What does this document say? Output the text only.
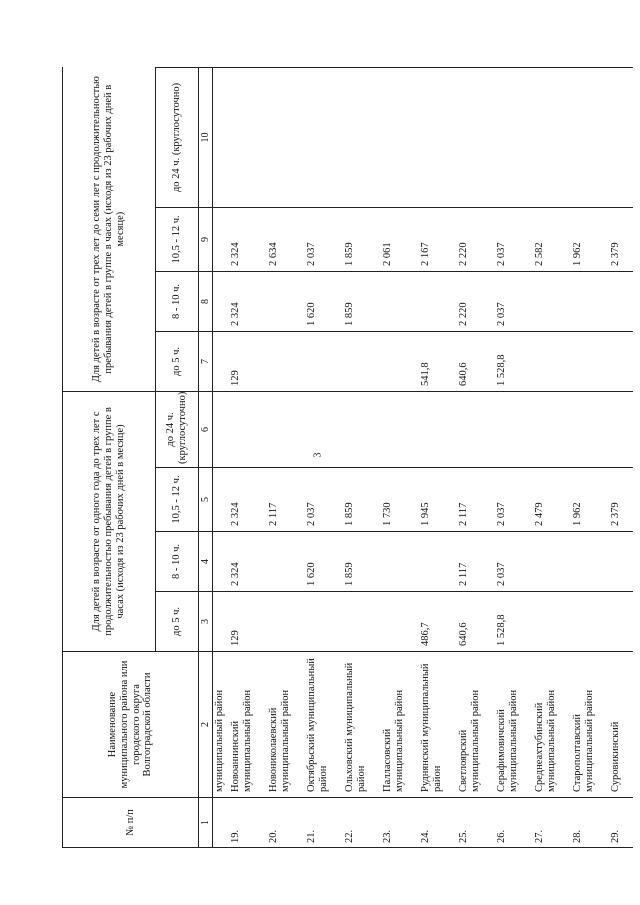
3
№ п/п	Наименование муниципального района или городского округа Волгоградской области	Для детей в возрасте от одного года до трех лет с продолжительностью пребывания детей в группе в часах (исходя из 23 рабочих дней в месяце)				Для детей в возрасте от трех лет до семи лет с продолжительностью пребывания детей в группе в часах (исходя из 23 рабочих дней в месяце)			
		до 5 ч.	8 - 10 ч.	10,5 - 12 ч.	до 24 ч. (круглосуточно)	до 5 ч.	8 - 10 ч.	10,5 - 12 ч.	до 24 ч. (круглосуточно)
1	2	3	4	5	6	7	8	9	10
	муниципальный район								
19.	Новоаннинский муниципальный район	129	2 324	2 324		129	2 324	2 324	
20.	Новониколаевский муниципальный район			2 117				2 634	
21.	Октябрьский муниципальный район		1 620	2 037			1 620	2 037	
22.	Ольховский муниципальный район		1 859	1 859			1 859	1 859	
23.	Палласовский муниципальный район			1 730				2 061	
24.	Руднянский муниципальный район	486,7		1 945		541,8		2 167	
25.	Светлоярский муниципальный район	640,6	2 117	2 117		640,6	2 220	2 220	
26.	Серафимовичский муниципальный район	1 528,8	2 037	2 037		1 528,8	2 037	2 037	
27.	Среднеахтубинский муниципальный район			2 479				2 582	
28.	Старополтавский муниципальный район			1 962				1 962	
29.	Суровикинский			2 379				2 379	
